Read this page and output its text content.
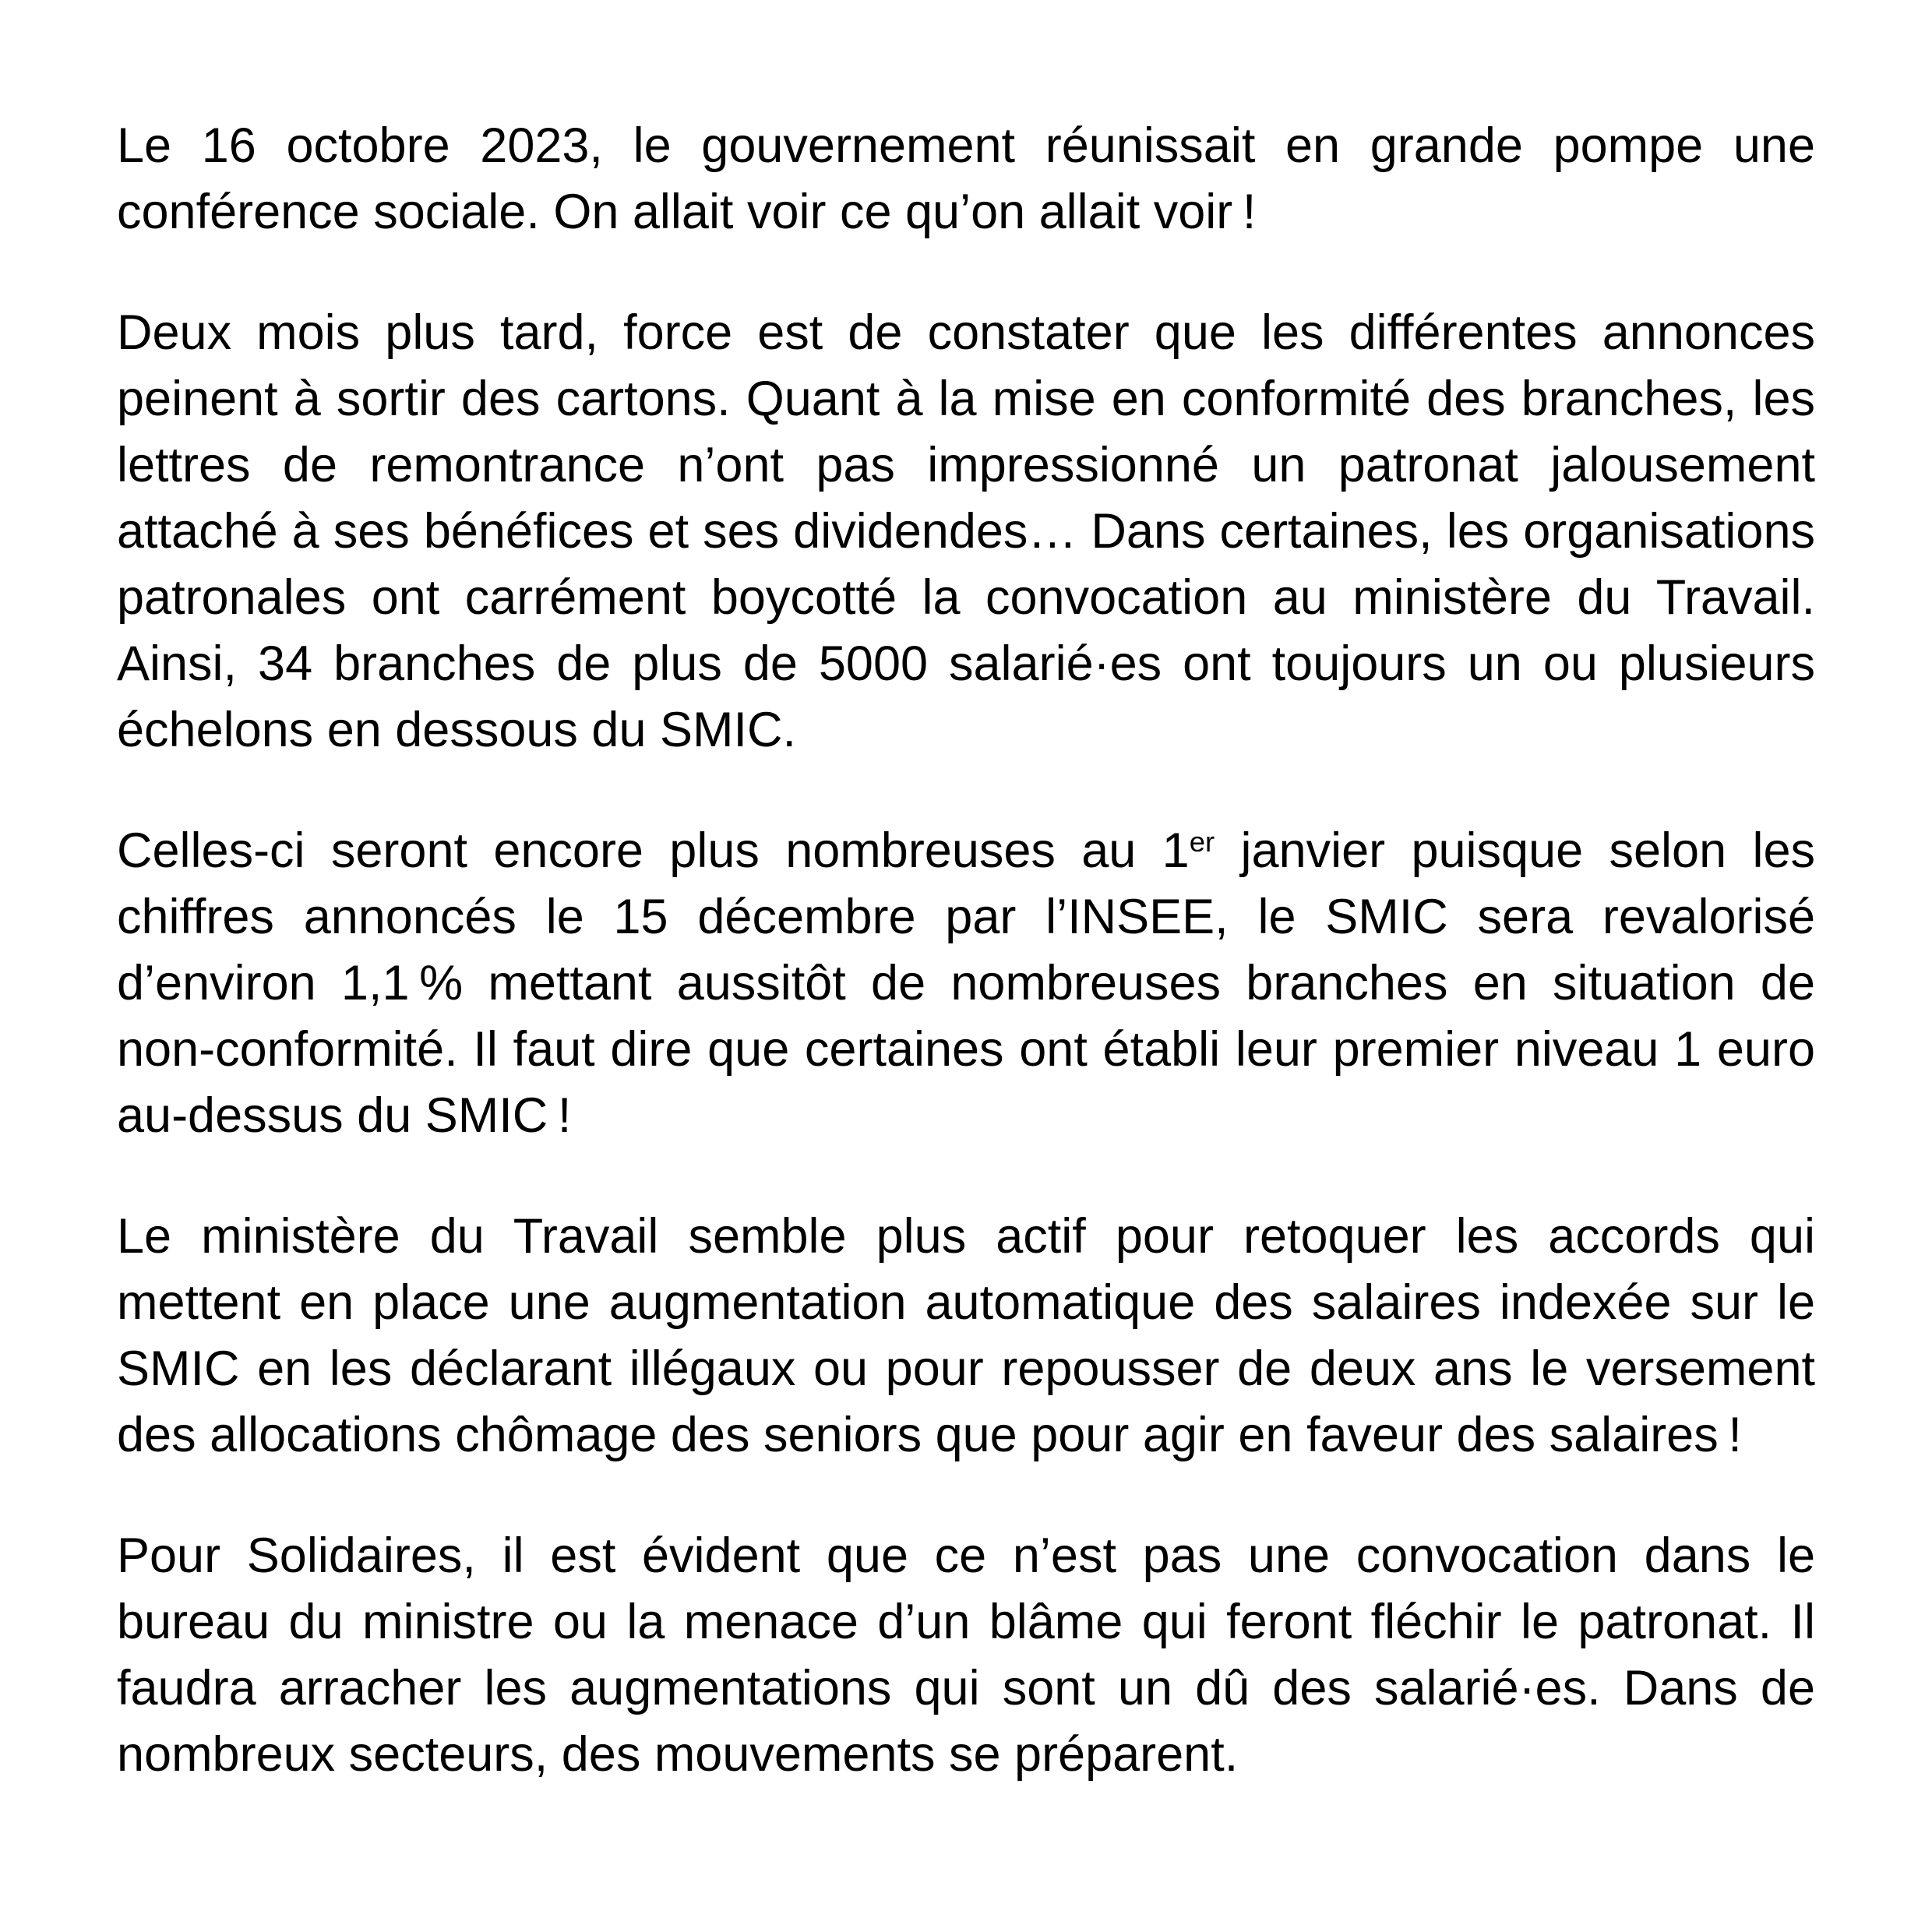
Le 16 octobre 2023, le gouvernement réunissait en grande pompe une conférence sociale. On allait voir ce qu’on allait voir !

Deux mois plus tard, force est de constater que les différentes annonces peinent à sortir des cartons. Quant à la mise en conformité des branches, les lettres de remontrance n’ont pas impressionné un patronat jalousement attaché à ses bénéfices et ses dividendes… Dans certaines, les organisations patronales ont carrément boycotté la convocation au ministère du Travail. Ainsi, 34 branches de plus de 5000 salarié·es ont toujours un ou plusieurs échelons en dessous du SMIC.

Celles-ci seront encore plus nombreuses au 1er janvier puisque selon les chiffres annoncés le 15 décembre par l’INSEE, le SMIC sera revalorisé d’environ 1,1 % mettant aussitôt de nombreuses branches en situation de non-conformité. Il faut dire que certaines ont établi leur premier niveau 1 euro au-dessus du SMIC !

Le ministère du Travail semble plus actif pour retoquer les accords qui mettent en place une augmentation automatique des salaires indexée sur le SMIC en les déclarant illégaux ou pour repousser de deux ans le versement des allocations chômage des seniors que pour agir en faveur des salaires !

Pour Solidaires, il est évident que ce n’est pas une convocation dans le bureau du ministre ou la menace d’un blâme qui feront fléchir le patronat. Il faudra arracher les augmentations qui sont un dû des salarié·es. Dans de nombreux secteurs, des mouvements se préparent.
